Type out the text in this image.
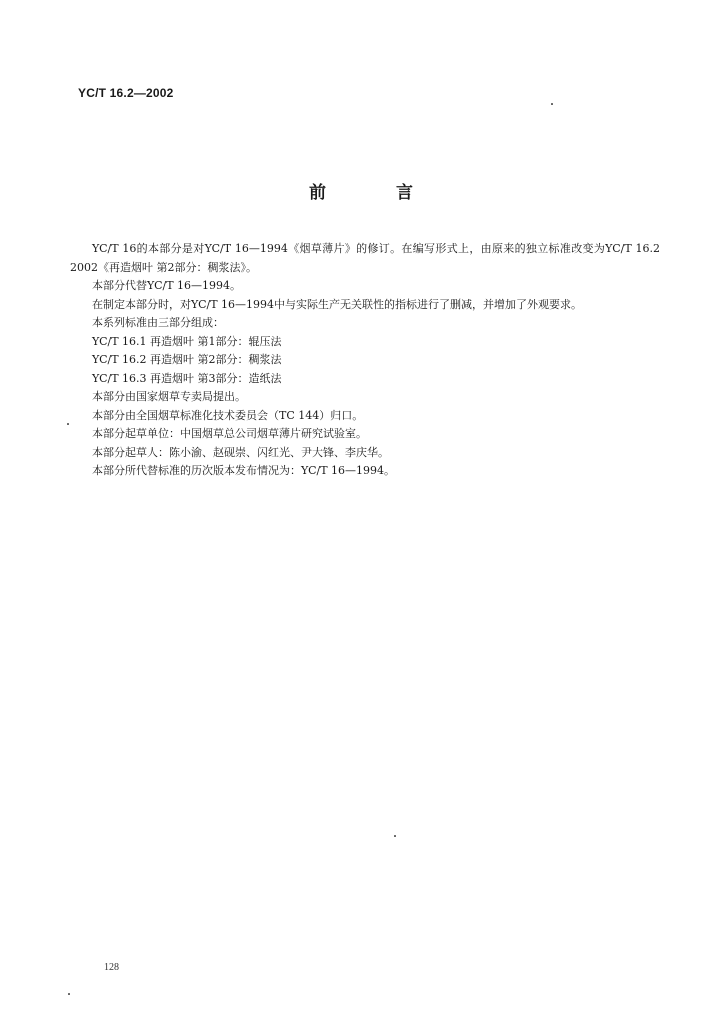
YC/T 16.2—2002
前 言

YC/T 16的本部分是对YC/T 16—1994《烟草薄片》的修订。在编写形式上，由原来的独立标准改变为YC/T 16.2 2002《再造烟叶 第2部分：稠浆法》。

本部分代替YC/T 16—1994。

在制定本部分时，对YC/T 16—1994中与实际生产无关联性的指标进行了删减，并增加了外观要求。

本系列标准由三部分组成：

YC/T 16.1 再造烟叶 第1部分：辊压法

YC/T 16.2 再造烟叶 第2部分：稠浆法

YC/T 16.3 再造烟叶 第3部分：造纸法

本部分由国家烟草专卖局提出。

本部分由全国烟草标准化技术委员会（TC 144）归口。

本部分起草单位：中国烟草总公司烟草薄片研究试验室。

本部分起草人：陈小渝、赵砚崇、闪红光、尹大锋、李庆华。

本部分所代替标准的历次版本发布情况为：YC/T 16—1994。

128
